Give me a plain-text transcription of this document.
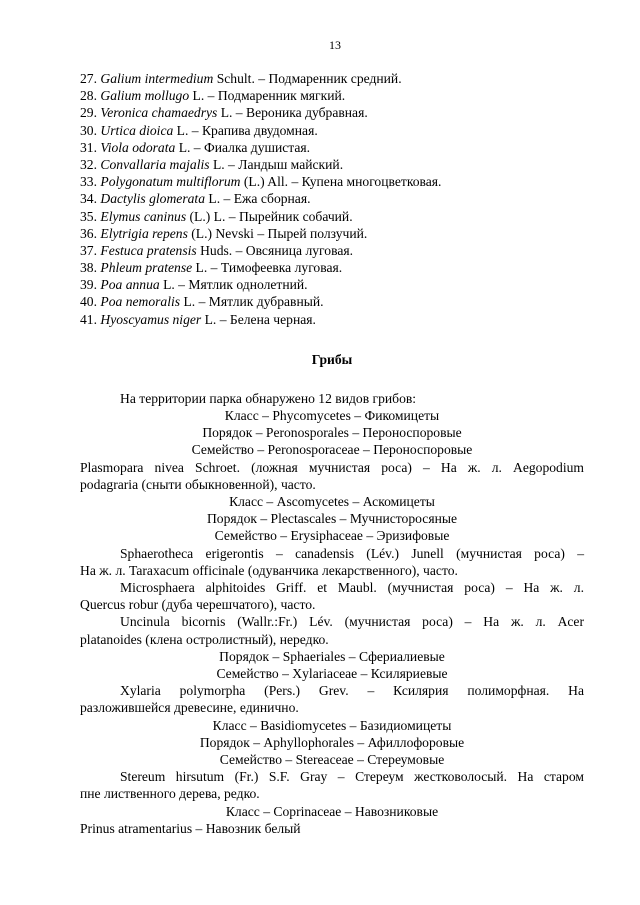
13
27. Galium intermedium Schult. – Подмаренник средний.
28. Galium mollugo L. – Подмаренник мягкий.
29. Veronica chamaedrys L. – Вероника дубравная.
30. Urtica dioica L. – Крапива двудомная.
31. Viola odorata L. – Фиалка душистая.
32. Convallaria majalis L. – Ландыш майский.
33. Polygonatum multiflorum (L.) All. – Купена многоцветковая.
34. Dactylis glomerata L. – Ежа сборная.
35. Elymus caninus (L.) L. – Пырейник собачий.
36. Elytrigia repens (L.) Nevski – Пырей ползучий.
37. Festuca pratensis Huds. – Овсяница луговая.
38. Phleum pratense L. – Тимофеевка луговая.
39. Poa annua L. – Мятлик однолетний.
40. Poa nemoralis L. – Мятлик дубравный.
41. Hyoscyamus niger L. – Белена черная.
Грибы

На территории парка обнаружено 12 видов грибов:

Класс – Phycomycetes – Фикомицеты

Порядок – Peronosporales – Пероноспоровые

Семейство – Peronosporaceae – Пероноспоровые

Plasmopara nivea Schroet. (ложная мучнистая роса) – На ж. л. Aegopodium

podagraria (сныти обыкновенной), часто.

Класс – Ascomycetes – Аскомицеты

Порядок – Plectascales – Мучнисторосяные

Семейство – Erysiphaceae – Эризифовые

Sphaerotheca erigerontis – canadensis (Lév.) Junell (мучнистая роса) –

На ж. л. Taraxacum officinale (одуванчика лекарственного), часто.

Microsphaera alphitoides Griff. et Maubl. (мучнистая роса) – На ж. л.

Quercus robur (дуба черешчатого), часто.

Uncinula bicornis (Wallr.:Fr.) Lév. (мучнистая роса) – На ж. л. Acer

platanoides (клена остролистный), нередко.

Порядок – Sphaeriales – Сфериалиевые

Семейство – Xylariaceae – Ксиляриевые

Xylaria polymorpha (Pers.) Grev. – Ксилярия полиморфная. На

разложившейся древесине, единично.

Класс – Basidiomycetes – Базидиомицеты

Порядок – Aphyllophorales – Афиллофоровые

Семейство – Stereaceae – Стереумовые

Stereum hirsutum (Fr.) S.F. Gray – Стереум жестковолосый. На старом

пне лиственного дерева, редко.

Класс – Coprinaceae – Навозниковые

Prinus atramentarius – Навозник белый
